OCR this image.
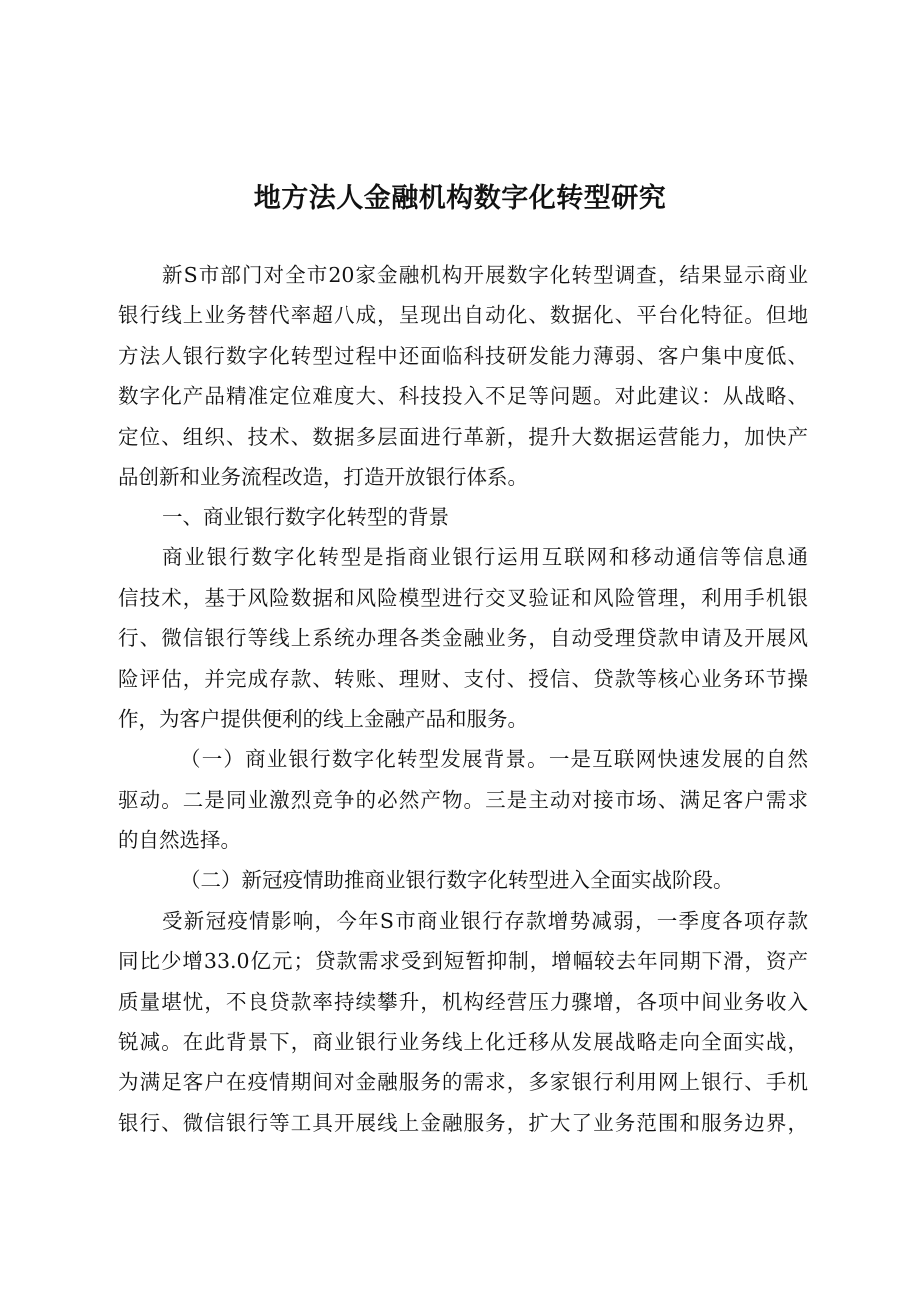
地方法人金融机构数字化转型研究
新S市部门对全市20家金融机构开展数字化转型调查，结果显示商业
银行线上业务替代率超八成，呈现出自动化、数据化、平台化特征。但地
方法人银行数字化转型过程中还面临科技研发能力薄弱、客户集中度低、
数字化产品精准定位难度大、科技投入不足等问题。对此建议：从战略、
定位、组织、技术、数据多层面进行革新，提升大数据运营能力，加快产
品创新和业务流程改造，打造开放银行体系。
一、商业银行数字化转型的背景
商业银行数字化转型是指商业银行运用互联网和移动通信等信息通
信技术，基于风险数据和风险模型进行交叉验证和风险管理，利用手机银
行、微信银行等线上系统办理各类金融业务，自动受理贷款申请及开展风
险评估，并完成存款、转账、理财、支付、授信、贷款等核心业务环节操
作，为客户提供便利的线上金融产品和服务。
（一）商业银行数字化转型发展背景。一是互联网快速发展的自然
驱动。二是同业激烈竞争的必然产物。三是主动对接市场、满足客户需求
的自然选择。
（二）新冠疫情助推商业银行数字化转型进入全面实战阶段。
受新冠疫情影响，今年S市商业银行存款增势减弱，一季度各项存款
同比少增33.0亿元；贷款需求受到短暂抑制，增幅较去年同期下滑，资产
质量堪忧，不良贷款率持续攀升，机构经营压力骤增，各项中间业务收入
锐减。在此背景下，商业银行业务线上化迁移从发展战略走向全面实战，
为满足客户在疫情期间对金融服务的需求，多家银行利用网上银行、手机
银行、微信银行等工具开展线上金融服务，扩大了业务范围和服务边界，
